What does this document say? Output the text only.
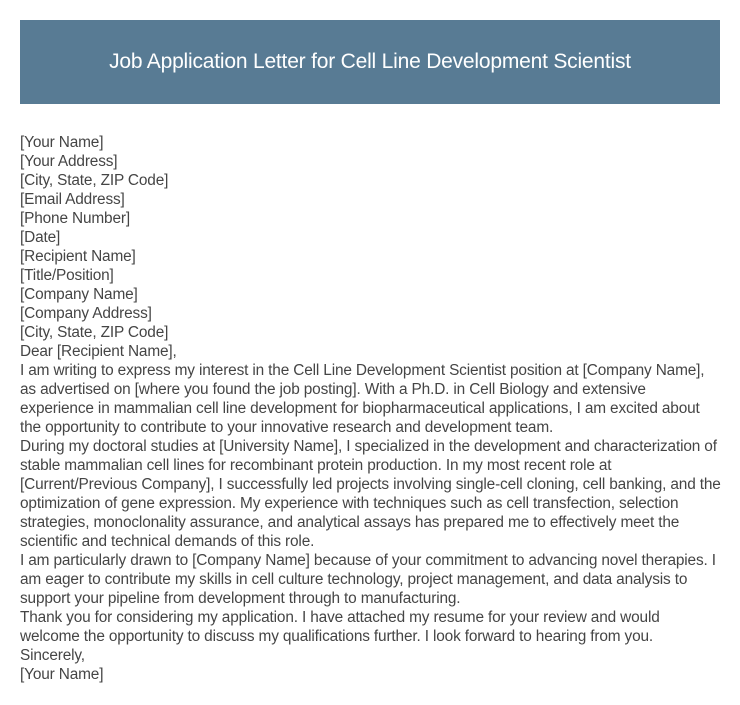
Job Application Letter for Cell Line Development Scientist

[Your Name]

[Your Address]

[City, State, ZIP Code]

[Email Address]

[Phone Number]

[Date]

[Recipient Name]

[Title/Position]

[Company Name]

[Company Address]

[City, State, ZIP Code]

Dear [Recipient Name],

I am writing to express my interest in the Cell Line Development Scientist position at [Company Name], as advertised on [where you found the job posting]. With a Ph.D. in Cell Biology and extensive experience in mammalian cell line development for biopharmaceutical applications, I am excited about the opportunity to contribute to your innovative research and development team.

During my doctoral studies at [University Name], I specialized in the development and characterization of stable mammalian cell lines for recombinant protein production. In my most recent role at [Current/Previous Company], I successfully led projects involving single-cell cloning, cell banking, and the optimization of gene expression. My experience with techniques such as cell transfection, selection strategies, monoclonality assurance, and analytical assays has prepared me to effectively meet the scientific and technical demands of this role.

I am particularly drawn to [Company Name] because of your commitment to advancing novel therapies. I am eager to contribute my skills in cell culture technology, project management, and data analysis to support your pipeline from development through to manufacturing.

Thank you for considering my application. I have attached my resume for your review and would welcome the opportunity to discuss my qualifications further. I look forward to hearing from you.

Sincerely,

[Your Name]
